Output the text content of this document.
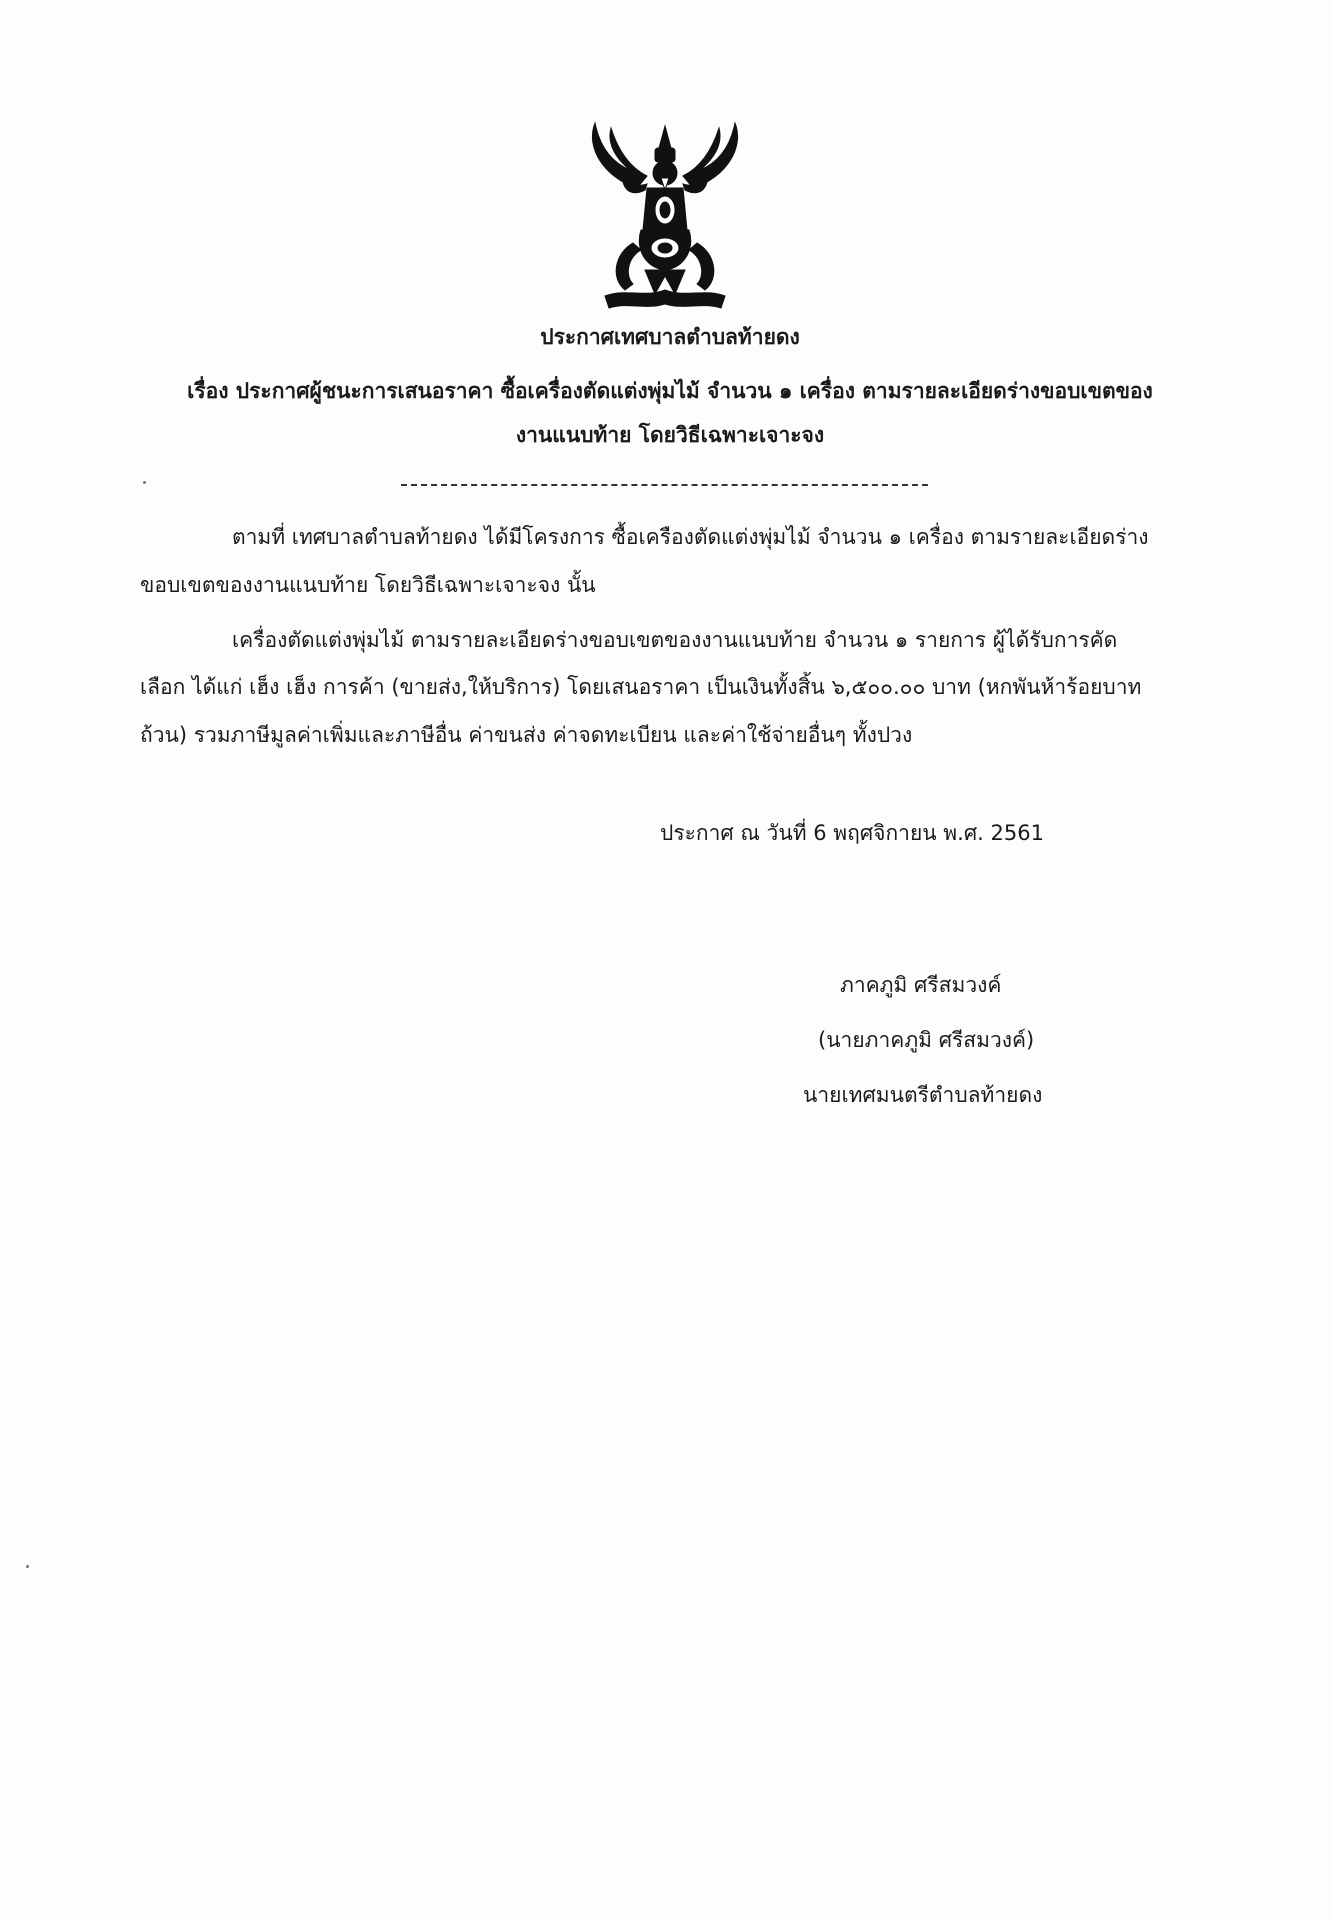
ประกาศเทศบาลตำบลท้ายดง
เรื่อง ประกาศผู้ชนะการเสนอราคา ซื้อเครื่องตัดแต่งพุ่มไม้ จำนวน ๑ เครื่อง ตามรายละเอียดร่างขอบเขตของ
งานแนบท้าย โดยวิธีเฉพาะเจาะจง
ตามที่ เทศบาลตำบลท้ายดง ได้มีโครงการ ซื้อเครืองตัดแต่งพุ่มไม้ จำนวน ๑ เครื่อง ตามรายละเอียดร่าง
ขอบเขตของงานแนบท้าย โดยวิธีเฉพาะเจาะจง นั้น
เครื่องตัดแต่งพุ่มไม้ ตามรายละเอียดร่างขอบเขตของงานแนบท้าย จำนวน ๑ รายการ ผู้ได้รับการคัด
เลือก ได้แก่ เฮ็ง เฮ็ง การค้า (ขายส่ง,ให้บริการ) โดยเสนอราคา เป็นเงินทั้งสิ้น ๖,๕๐๐.๐๐ บาท (หกพันห้าร้อยบาท
ถ้วน) รวมภาษีมูลค่าเพิ่มและภาษีอื่น ค่าขนส่ง ค่าจดทะเบียน และค่าใช้จ่ายอื่นๆ ทั้งปวง
ประกาศ ณ วันที่ 6 พฤศจิกายน พ.ศ. 2561
ภาคภูมิ ศรีสมวงค์
(นายภาคภูมิ ศรีสมวงค์)
นายเทศมนตรีตำบลท้ายดง
